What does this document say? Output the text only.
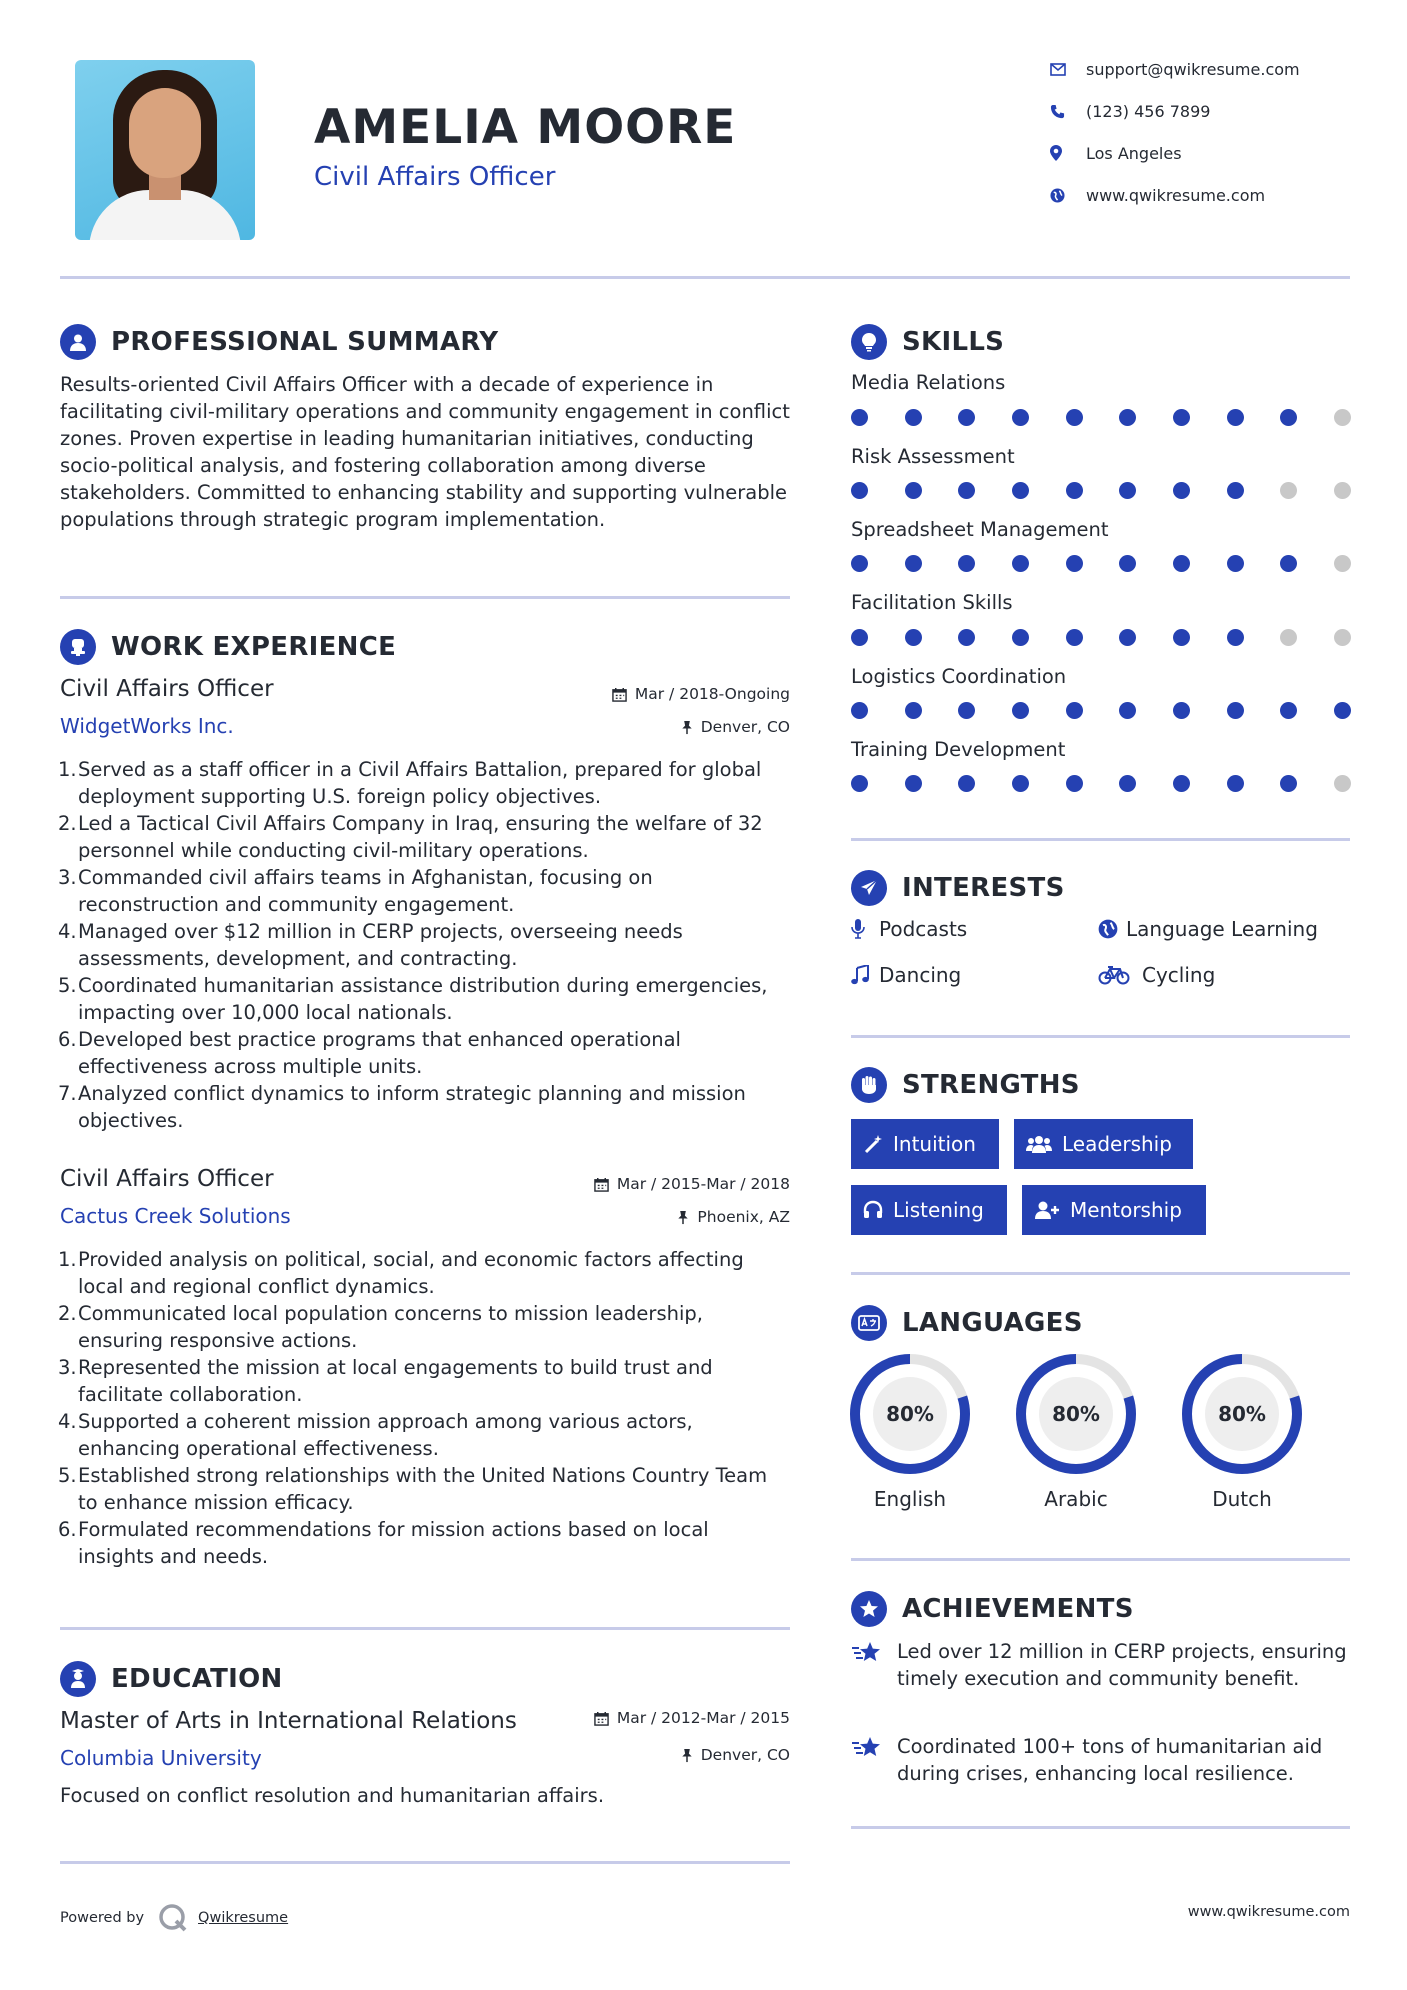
AMELIA MOORE
Civil Affairs Officer
support@qwikresume.com
(123) 456 7899
Los Angeles
www.qwikresume.com
PROFESSIONAL SUMMARY
Results-oriented Civil Affairs Officer with a decade of experience in facilitating civil-military operations and community engagement in conflict zones. Proven expertise in leading humanitarian initiatives, conducting socio-political analysis, and fostering collaboration among diverse stakeholders. Committed to enhancing stability and supporting vulnerable populations through strategic program implementation.
WORK EXPERIENCE
Civil Affairs Officer
WidgetWorks Inc.
Mar / 2018-Ongoing
Denver, CO
Served as a staff officer in a Civil Affairs Battalion, prepared for global deployment supporting U.S. foreign policy objectives.
Led a Tactical Civil Affairs Company in Iraq, ensuring the welfare of 32 personnel while conducting civil-military operations.
Commanded civil affairs teams in Afghanistan, focusing on reconstruction and community engagement.
Managed over $12 million in CERP projects, overseeing needs assessments, development, and contracting.
Coordinated humanitarian assistance distribution during emergencies, impacting over 10,000 local nationals.
Developed best practice programs that enhanced operational effectiveness across multiple units.
Analyzed conflict dynamics to inform strategic planning and mission objectives.
Civil Affairs Officer
Cactus Creek Solutions
Mar / 2015-Mar / 2018
Phoenix, AZ
Provided analysis on political, social, and economic factors affecting local and regional conflict dynamics.
Communicated local population concerns to mission leadership, ensuring responsive actions.
Represented the mission at local engagements to build trust and facilitate collaboration.
Supported a coherent mission approach among various actors, enhancing operational effectiveness.
Established strong relationships with the United Nations Country Team to enhance mission efficacy.
Formulated recommendations for mission actions based on local insights and needs.
EDUCATION
Master of Arts in International Relations
Columbia University
Mar / 2012-Mar / 2015
Denver, CO
Focused on conflict resolution and humanitarian affairs.
SKILLS
Media Relations
Risk Assessment
Spreadsheet Management
Facilitation Skills
Logistics Coordination
Training Development
INTERESTS
Podcasts	Language Learning
Dancing	Cycling
STRENGTHS
Intuition	Leadership
Listening	Mentorship
LANGUAGES
80%
English
80%
Arabic
80%
Dutch
ACHIEVEMENTS
Led over 12 million in CERP projects, ensuring timely execution and community benefit.
Coordinated 100+ tons of humanitarian aid during crises, enhancing local resilience.
Powered by	Qwikresume	www.qwikresume.com
